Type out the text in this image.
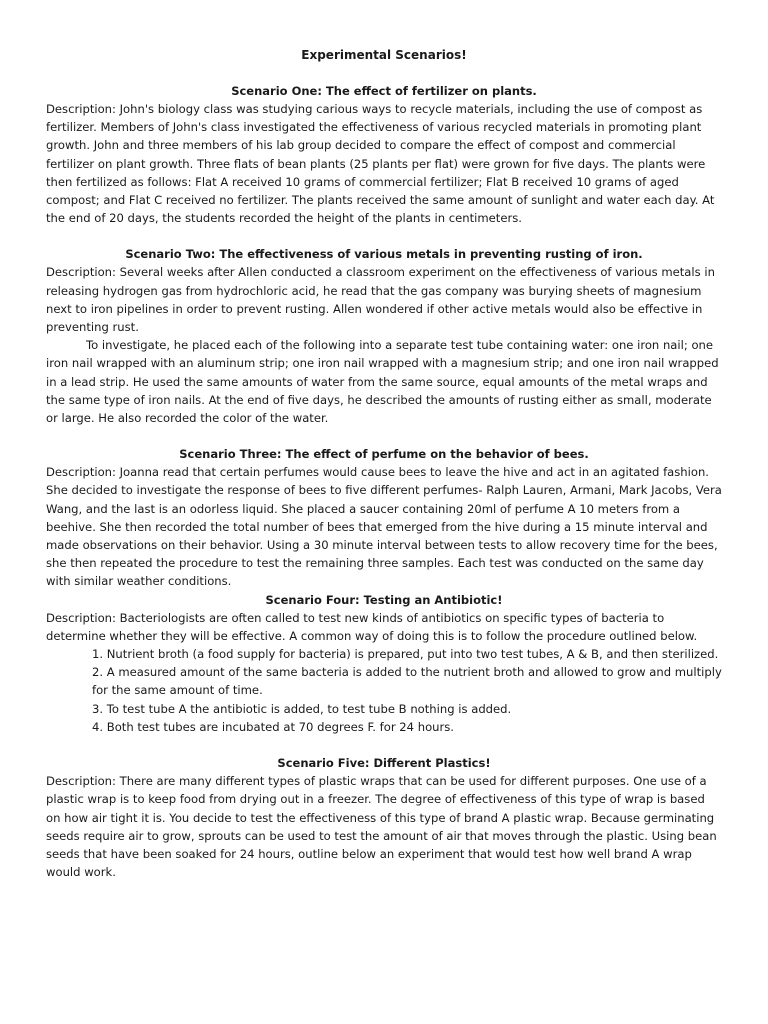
Experimental Scenarios!
Scenario One: The effect of fertilizer on plants.

Description: John's biology class was studying carious ways to recycle materials, including the use of compost as fertilizer. Members of John's class investigated the effectiveness of various recycled materials in promoting plant growth. John and three members of his lab group decided to compare the effect of compost and commercial fertilizer on plant growth. Three flats of bean plants (25 plants per flat) were grown for five days. The plants were then fertilized as follows: Flat A received 10 grams of commercial fertilizer; Flat B received 10 grams of aged compost; and Flat C received no fertilizer. The plants received the same amount of sunlight and water each day. At the end of 20 days, the students recorded the height of the plants in centimeters.

Scenario Two: The effectiveness of various metals in preventing rusting of iron.

Description: Several weeks after Allen conducted a classroom experiment on the effectiveness of various metals in releasing hydrogen gas from hydrochloric acid, he read that the gas company was burying sheets of magnesium next to iron pipelines in order to prevent rusting. Allen wondered if other active metals would also be effective in preventing rust.

To investigate, he placed each of the following into a separate test tube containing water: one iron nail; one iron nail wrapped with an aluminum strip; one iron nail wrapped with a magnesium strip; and one iron nail wrapped in a lead strip. He used the same amounts of water from the same source, equal amounts of the metal wraps and the same type of iron nails. At the end of five days, he described the amounts of rusting either as small, moderate or large. He also recorded the color of the water.

Scenario Three: The effect of perfume on the behavior of bees.

Description: Joanna read that certain perfumes would cause bees to leave the hive and act in an agitated fashion. She decided to investigate the response of bees to five different perfumes- Ralph Lauren, Armani, Mark Jacobs, Vera Wang, and the last is an odorless liquid. She placed a saucer containing 20ml of perfume A 10 meters from a beehive. She then recorded the total number of bees that emerged from the hive during a 15 minute interval and made observations on their behavior. Using a 30 minute interval between tests to allow recovery time for the bees, she then repeated the procedure to test the remaining three samples. Each test was conducted on the same day with similar weather conditions.

Scenario Four: Testing an Antibiotic!

Description: Bacteriologists are often called to test new kinds of antibiotics on specific types of bacteria to determine whether they will be effective. A common way of doing this is to follow the procedure outlined below.

1. Nutrient broth (a food supply for bacteria) is prepared, put into two test tubes, A & B, and then sterilized.

2. A measured amount of the same bacteria is added to the nutrient broth and allowed to grow and multiply for the same amount of time.

3. To test tube A the antibiotic is added, to test tube B nothing is added.

4. Both test tubes are incubated at 70 degrees F. for 24 hours.

Scenario Five: Different Plastics!

Description: There are many different types of plastic wraps that can be used for different purposes. One use of a plastic wrap is to keep food from drying out in a freezer. The degree of effectiveness of this type of wrap is based on how air tight it is. You decide to test the effectiveness of this type of brand A plastic wrap. Because germinating seeds require air to grow, sprouts can be used to test the amount of air that moves through the plastic. Using bean seeds that have been soaked for 24 hours, outline below an experiment that would test how well brand A wrap would work.
